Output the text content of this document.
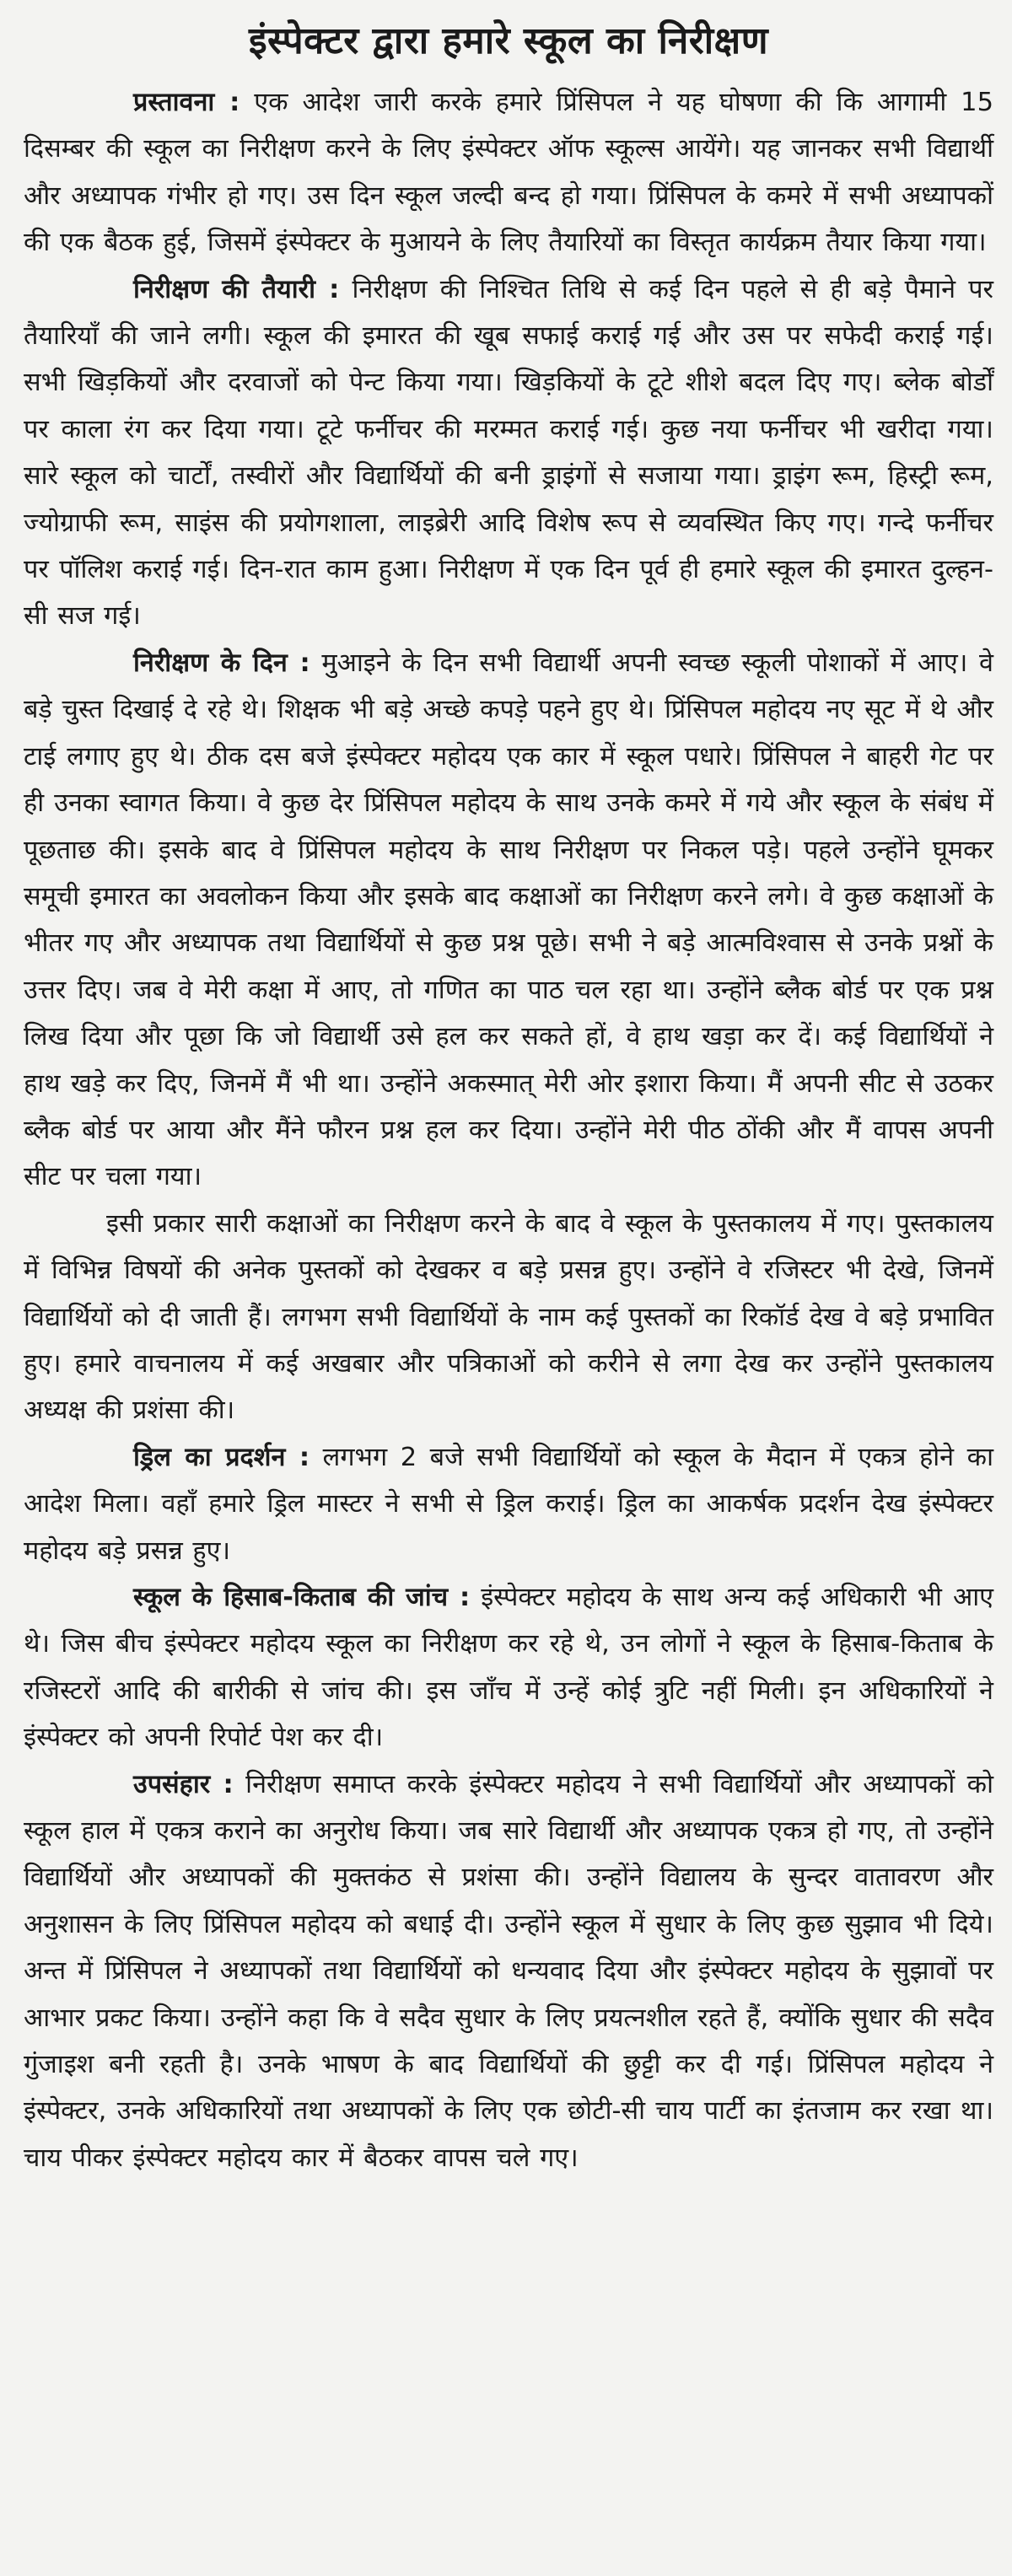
इंस्पेक्टर द्वारा हमारे स्कूल का निरीक्षण

प्रस्तावना : एक आदेश जारी करके हमारे प्रिंसिपल ने यह घोषणा की कि आगामी 15 दिसम्बर की स्कूल का निरीक्षण करने के लिए इंस्पेक्टर ऑफ स्कूल्स आयेंगे। यह जानकर सभी विद्यार्थी और अध्यापक गंभीर हो गए। उस दिन स्कूल जल्दी बन्द हो गया। प्रिंसिपल के कमरे में सभी अध्यापकों की एक बैठक हुई, जिसमें इंस्पेक्टर के मुआयने के लिए तैयारियों का विस्तृत कार्यक्रम तैयार किया गया।

निरीक्षण की तैयारी : निरीक्षण की निश्चित तिथि से कई दिन पहले से ही बड़े पैमाने पर तैयारियाँ की जाने लगी। स्कूल की इमारत की खूब सफाई कराई गई और उस पर सफेदी कराई गई। सभी खिड़कियों और दरवाजों को पेन्ट किया गया। खिड़कियों के टूटे शीशे बदल दिए गए। ब्लेक बोर्डों पर काला रंग कर दिया गया। टूटे फर्नीचर की मरम्मत कराई गई। कुछ नया फर्नीचर भी खरीदा गया। सारे स्कूल को चार्टों, तस्वीरों और विद्यार्थियों की बनी ड्राइंगों से सजाया गया। ड्राइंग रूम, हिस्ट्री रूम, ज्योग्राफी रूम, साइंस की प्रयोगशाला, लाइब्रेरी आदि विशेष रूप से व्यवस्थित किए गए। गन्दे फर्नीचर पर पॉलिश कराई गई। दिन-रात काम हुआ। निरीक्षण में एक दिन पूर्व ही हमारे स्कूल की इमारत दुल्हन-सी सज गई।

निरीक्षण के दिन : मुआइने के दिन सभी विद्यार्थी अपनी स्वच्छ स्कूली पोशाकों में आए। वे बड़े चुस्त दिखाई दे रहे थे। शिक्षक भी बड़े अच्छे कपड़े पहने हुए थे। प्रिंसिपल महोदय नए सूट में थे और टाई लगाए हुए थे। ठीक दस बजे इंस्पेक्टर महोदय एक कार में स्कूल पधारे। प्रिंसिपल ने बाहरी गेट पर ही उनका स्वागत किया। वे कुछ देर प्रिंसिपल महोदय के साथ उनके कमरे में गये और स्कूल के संबंध में पूछताछ की। इसके बाद वे प्रिंसिपल महोदय के साथ निरीक्षण पर निकल पड़े। पहले उन्होंने घूमकर समूची इमारत का अवलोकन किया और इसके बाद कक्षाओं का निरीक्षण करने लगे। वे कुछ कक्षाओं के भीतर गए और अध्यापक तथा विद्यार्थियों से कुछ प्रश्न पूछे। सभी ने बड़े आत्मविश्वास से उनके प्रश्नों के उत्तर दिए। जब वे मेरी कक्षा में आए, तो गणित का पाठ चल रहा था। उन्होंने ब्लैक बोर्ड पर एक प्रश्न लिख दिया और पूछा कि जो विद्यार्थी उसे हल कर सकते हों, वे हाथ खड़ा कर दें। कई विद्यार्थियों ने हाथ खड़े कर दिए, जिनमें मैं भी था। उन्होंने अकस्मात् मेरी ओर इशारा किया। मैं अपनी सीट से उठकर ब्लैक बोर्ड पर आया और मैंने फौरन प्रश्न हल कर दिया। उन्होंने मेरी पीठ ठोंकी और मैं वापस अपनी सीट पर चला गया।

इसी प्रकार सारी कक्षाओं का निरीक्षण करने के बाद वे स्कूल के पुस्तकालय में गए। पुस्तकालय में विभिन्न विषयों की अनेक पुस्तकों को देखकर व बड़े प्रसन्न हुए। उन्होंने वे रजिस्टर भी देखे, जिनमें विद्यार्थियों को दी जाती हैं। लगभग सभी विद्यार्थियों के नाम कई पुस्तकों का रिकॉर्ड देख वे बड़े प्रभावित हुए। हमारे वाचनालय में कई अखबार और पत्रिकाओं को करीने से लगा देख कर उन्होंने पुस्तकालय अध्यक्ष की प्रशंसा की।

ड्रिल का प्रदर्शन : लगभग 2 बजे सभी विद्यार्थियों को स्कूल के मैदान में एकत्र होने का आदेश मिला। वहाँ हमारे ड्रिल मास्टर ने सभी से ड्रिल कराई। ड्रिल का आकर्षक प्रदर्शन देख इंस्पेक्टर महोदय बड़े प्रसन्न हुए।

स्कूल के हिसाब-किताब की जांच : इंस्पेक्टर महोदय के साथ अन्य कई अधिकारी भी आए थे। जिस बीच इंस्पेक्टर महोदय स्कूल का निरीक्षण कर रहे थे, उन लोगों ने स्कूल के हिसाब-किताब के रजिस्टरों आदि की बारीकी से जांच की। इस जाँच में उन्हें कोई त्रुटि नहीं मिली। इन अधिकारियों ने इंस्पेक्टर को अपनी रिपोर्ट पेश कर दी।

उपसंहार : निरीक्षण समाप्त करके इंस्पेक्टर महोदय ने सभी विद्यार्थियों और अध्यापकों को स्कूल हाल में एकत्र कराने का अनुरोध किया। जब सारे विद्यार्थी और अध्यापक एकत्र हो गए, तो उन्होंने विद्यार्थियों और अध्यापकों की मुक्तकंठ से प्रशंसा की। उन्होंने विद्यालय के सुन्दर वातावरण और अनुशासन के लिए प्रिंसिपल महोदय को बधाई दी। उन्होंने स्कूल में सुधार के लिए कुछ सुझाव भी दिये। अन्त में प्रिंसिपल ने अध्यापकों तथा विद्यार्थियों को धन्यवाद दिया और इंस्पेक्टर महोदय के सुझावों पर आभार प्रकट किया। उन्होंने कहा कि वे सदैव सुधार के लिए प्रयत्नशील रहते हैं, क्योंकि सुधार की सदैव गुंजाइश बनी रहती है। उनके भाषण के बाद विद्यार्थियों की छुट्टी कर दी गई। प्रिंसिपल महोदय ने इंस्पेक्टर, उनके अधिकारियों तथा अध्यापकों के लिए एक छोटी-सी चाय पार्टी का इंतजाम कर रखा था। चाय पीकर इंस्पेक्टर महोदय कार में बैठकर वापस चले गए।
